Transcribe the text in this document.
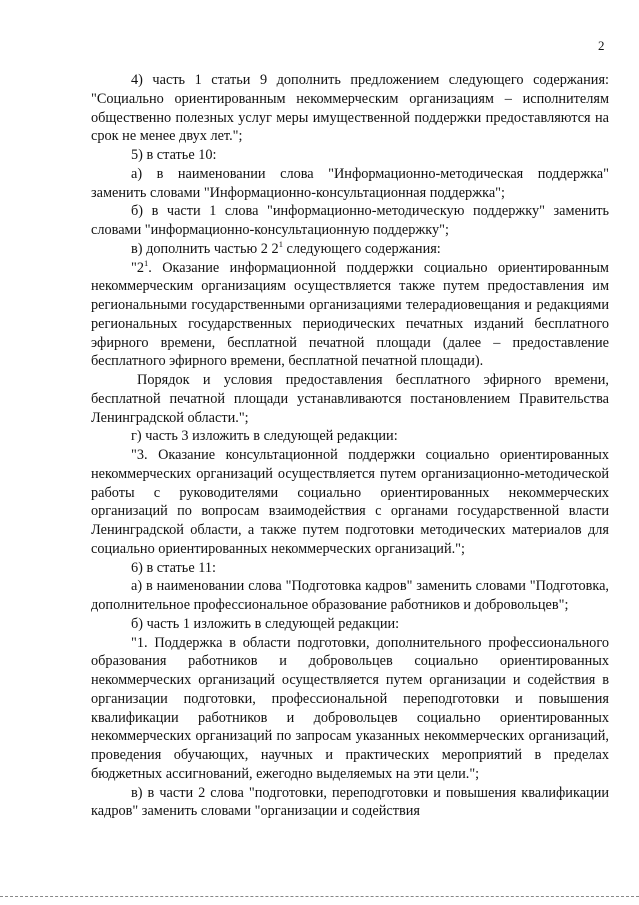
2

4) часть 1 статьи 9 дополнить предложением следующего содержания: "Социально ориентированным некоммерческим организациям – исполнителям общественно полезных услуг меры имущественной поддержки предоставляются на срок не менее двух лет.";

5) в статье 10:

а) в наименовании слова "Информационно-методическая поддержка" заменить словами "Информационно-консультационная поддержка";

б) в части 1 слова "информационно-методическую поддержку" заменить словами "информационно-консультационную поддержку";

в) дополнить частью 2 $2^1$ следующего содержания:

"$2^1$. Оказание информационной поддержки социально ориентированным некоммерческим организациям осуществляется также путем предоставления им региональными государственными организациями телерадиовещания и редакциями региональных государственных периодических печатных изданий бесплатного эфирного времени, бесплатной печатной площади (далее – предоставление бесплатного эфирного времени, бесплатной печатной площади).

Порядок и условия предоставления бесплатного эфирного времени, бесплатной печатной площади устанавливаются постановлением Правительства Ленинградской области.";

г) часть 3 изложить в следующей редакции:

"3. Оказание консультационной поддержки социально ориентированных некоммерческих организаций осуществляется путем организационно-методической работы с руководителями социально ориентированных некоммерческих организаций по вопросам взаимодействия с органами государственной власти Ленинградской области, а также путем подготовки методических материалов для социально ориентированных некоммерческих организаций.";

6) в статье 11:

а) в наименовании слова "Подготовка кадров" заменить словами "Подготовка, дополнительное профессиональное образование работников и добровольцев";

б) часть 1 изложить в следующей редакции:

"1. Поддержка в области подготовки, дополнительного профессионального образования работников и добровольцев социально ориентированных некоммерческих организаций осуществляется путем организации и содействия в организации подготовки, профессиональной переподготовки и повышения квалификации работников и добровольцев социально ориентированных некоммерческих организаций по запросам указанных некоммерческих организаций, проведения обучающих, научных и практических мероприятий в пределах бюджетных ассигнований, ежегодно выделяемых на эти цели.";

в) в части 2 слова "подготовки, переподготовки и повышения квалификации кадров" заменить словами "организации и содействия
